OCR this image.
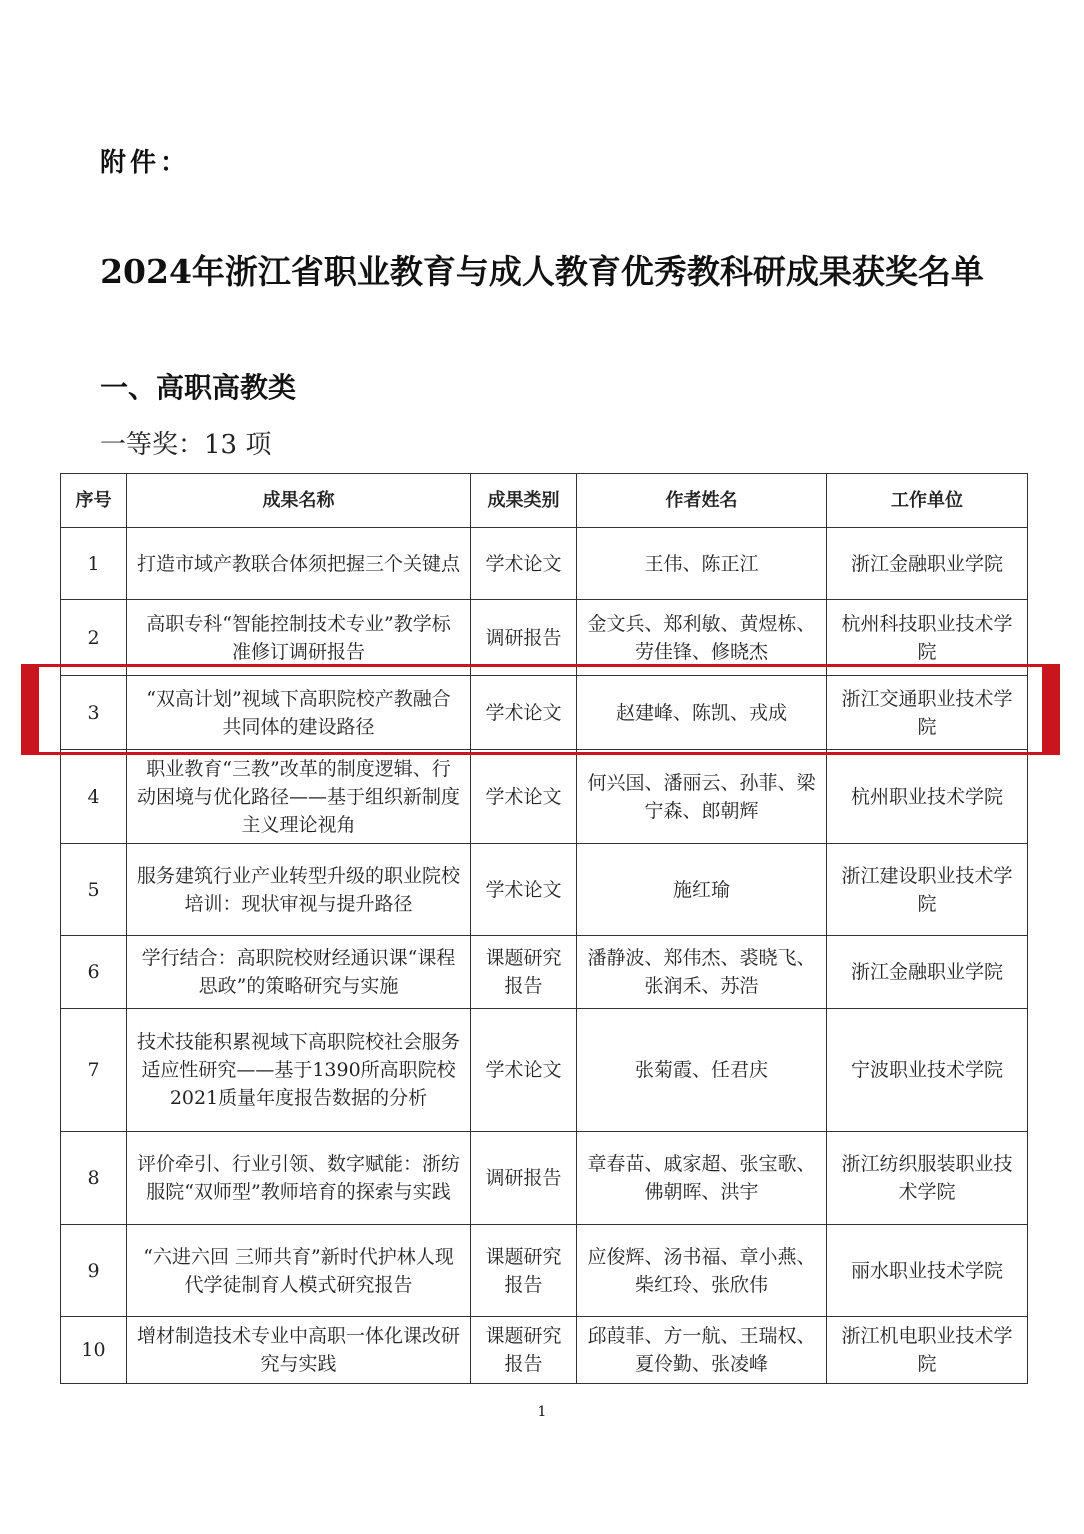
附件：
2024年浙江省职业教育与成人教育优秀教科研成果获奖名单
一、高职高教类
一等奖：13 项
序号	成果名称	成果类别	作者姓名	工作单位
1	打造市域产教联合体须把握三个关键点	学术论文	王伟、陈正江	浙江金融职业学院
2	高职专科“智能控制技术专业”教学标准修订调研报告	调研报告	金文兵、郑利敏、黄煜栋、劳佳锋、修晓杰	杭州科技职业技术学院
3	“双高计划”视域下高职院校产教融合共同体的建设路径	学术论文	赵建峰、陈凯、戎成	浙江交通职业技术学院
4	职业教育“三教”改革的制度逻辑、行动困境与优化路径——基于组织新制度主义理论视角	学术论文	何兴国、潘丽云、孙菲、梁宁森、郎朝辉	杭州职业技术学院
5	服务建筑行业产业转型升级的职业院校培训：现状审视与提升路径	学术论文	施红瑜	浙江建设职业技术学院
6	学行结合：高职院校财经通识课“课程思政”的策略研究与实施	课题研究报告	潘静波、郑伟杰、裘晓飞、张润禾、苏浩	浙江金融职业学院
7	技术技能积累视域下高职院校社会服务适应性研究——基于1390所高职院校2021质量年度报告数据的分析	学术论文	张菊霞、任君庆	宁波职业技术学院
8	评价牵引、行业引领、数字赋能：浙纺服院“双师型”教师培育的探索与实践	调研报告	章春苗、戚家超、张宝歌、佛朝晖、洪宇	浙江纺织服装职业技术学院
9	“六进六回 三师共育”新时代护林人现代学徒制育人模式研究报告	课题研究报告	应俊辉、汤书福、章小燕、柴红玲、张欣伟	丽水职业技术学院
10	增材制造技术专业中高职一体化课改研究与实践	课题研究报告	邱葭菲、方一航、王瑞权、夏伶勤、张凌峰	浙江机电职业技术学院
1
